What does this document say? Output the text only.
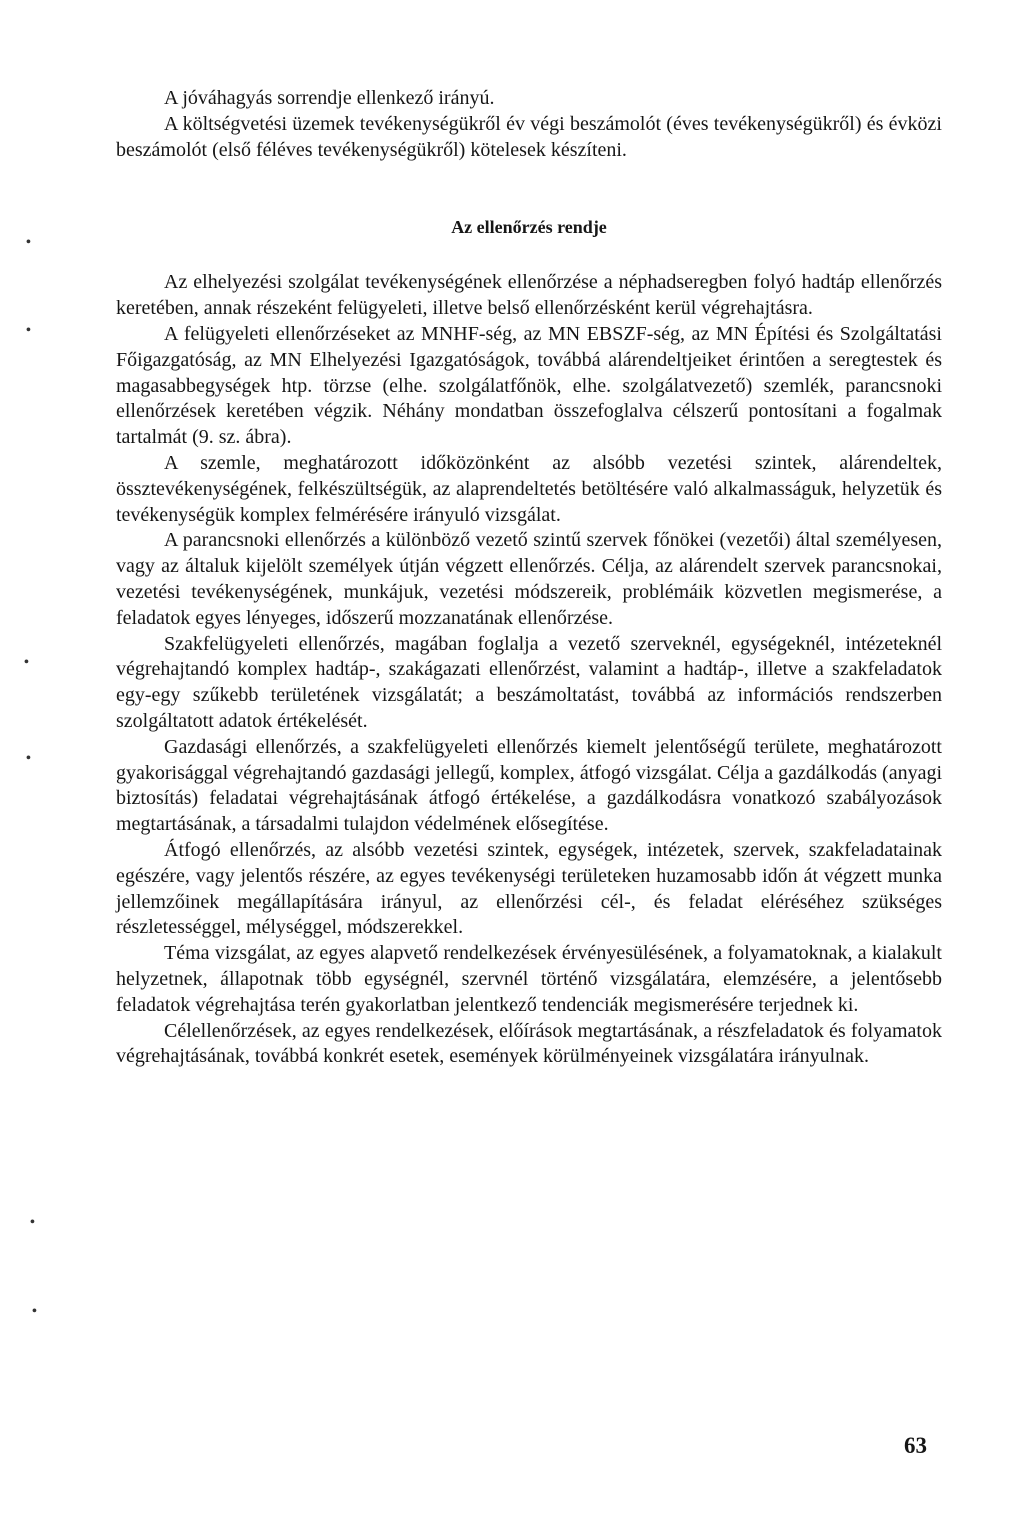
A jóváhagyás sorrendje ellenkező irányú.

A költségvetési üzemek tevékenységükről év végi beszámolót (éves tevékenységükről) és évközi beszámolót (első féléves tevékenységükről) kötelesek készíteni.

Az ellenőrzés rendje

Az elhelyezési szolgálat tevékenységének ellenőrzése a néphadseregben folyó hadtáp ellenőrzés keretében, annak részeként felügyeleti, illetve belső ellenőrzésként kerül végrehajtásra.

A felügyeleti ellenőrzéseket az MNHF-ség, az MN EBSZF-ség, az MN Építési és Szolgáltatási Főigazgatóság, az MN Elhelyezési Igazgatóságok, továbbá alárendeltjeiket érintően a seregtestek és magasabbegységek htp. törzse (elhe. szolgálatfőnök, elhe. szolgálatvezető) szemlék, parancsnoki ellenőrzések keretében végzik. Néhány mondatban összefoglalva célszerű pontosítani a fogalmak tartalmát (9. sz. ábra).

A szemle, meghatározott időközönként az alsóbb vezetési szintek, alárendeltek, össztevékenységének, felkészültségük, az alaprendeltetés betöltésére való alkalmasságuk, helyzetük és tevékenységük komplex felmérésére irányuló vizsgálat.

A parancsnoki ellenőrzés a különböző vezető szintű szervek főnökei (vezetői) által személyesen, vagy az általuk kijelölt személyek útján végzett ellenőrzés. Célja, az alárendelt szervek parancsnokai, vezetési tevékenységének, munkájuk, vezetési módszereik, problémáik közvetlen megismerése, a feladatok egyes lényeges, időszerű mozzanatának ellenőrzése.

Szakfelügyeleti ellenőrzés, magában foglalja a vezető szerveknél, egységeknél, intézeteknél végrehajtandó komplex hadtáp-, szakágazati ellenőrzést, valamint a hadtáp-, illetve a szakfeladatok egy-egy szűkebb területének vizsgálatát; a beszámoltatást, továbbá az információs rendszerben szolgáltatott adatok értékelését.

Gazdasági ellenőrzés, a szakfelügyeleti ellenőrzés kiemelt jelentőségű területe, meghatározott gyakorisággal végrehajtandó gazdasági jellegű, komplex, átfogó vizsgálat. Célja a gazdálkodás (anyagi biztosítás) feladatai végrehajtásának átfogó értékelése, a gazdálkodásra vonatkozó szabályozások megtartásának, a társadalmi tulajdon védelmének elősegítése.

Átfogó ellenőrzés, az alsóbb vezetési szintek, egységek, intézetek, szervek, szakfeladatainak egészére, vagy jelentős részére, az egyes tevékenységi területeken huzamosabb időn át végzett munka jellemzőinek megállapítására irányul, az ellenőrzési cél-, és feladat eléréséhez szükséges részletességgel, mélységgel, módszerekkel.

Téma vizsgálat, az egyes alapvető rendelkezések érvényesülésének, a folyamatoknak, a kialakult helyzetnek, állapotnak több egységnél, szervnél történő vizsgálatára, elemzésére, a jelentősebb feladatok végrehajtása terén gyakorlatban jelentkező tendenciák megismerésére terjednek ki.

Célellenőrzések, az egyes rendelkezések, előírások megtartásának, a részfeladatok és folyamatok végrehajtásának, továbbá konkrét esetek, események körülményeinek vizsgálatára irányulnak.

•
•
•
•
•
•
63
